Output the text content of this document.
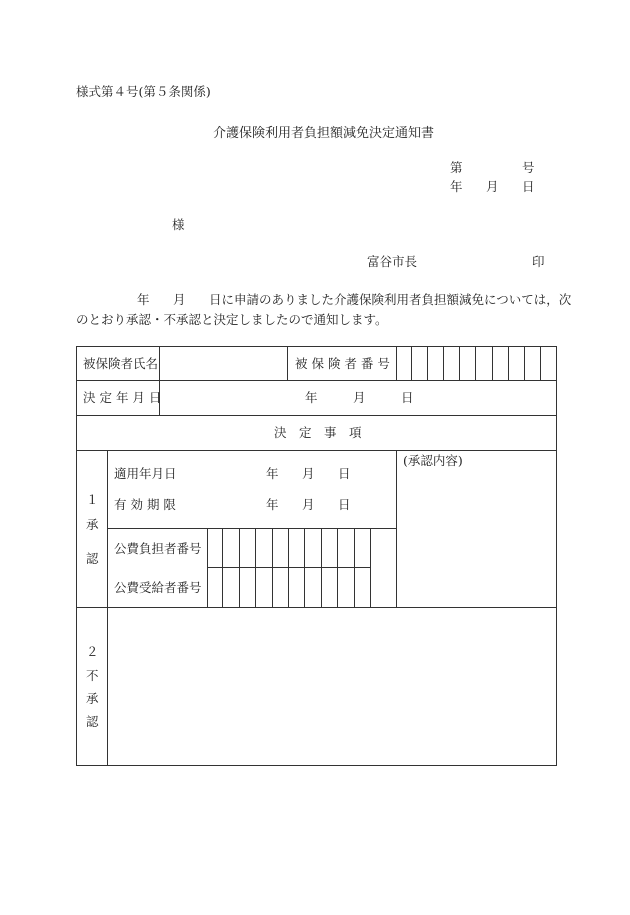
様式第４号(第５条関係)
介護保険利用者負担額減免決定通知書
第	号
年 月 日
様
富谷市長	印
年 月 日に申請のありました介護保険利用者負担額減免については，次
のとおり承認・不承認と決定しましたので通知します。
被保険者氏名	被 保 険 者 番 号
決 定 年 月 日	年	月	日
決　定　事　項
１
承
認
適用年月日	年 月 日
有 効 期 限	年 月 日
公費負担者番号
公費受給者番号
(承認内容)
２
不
承
認
